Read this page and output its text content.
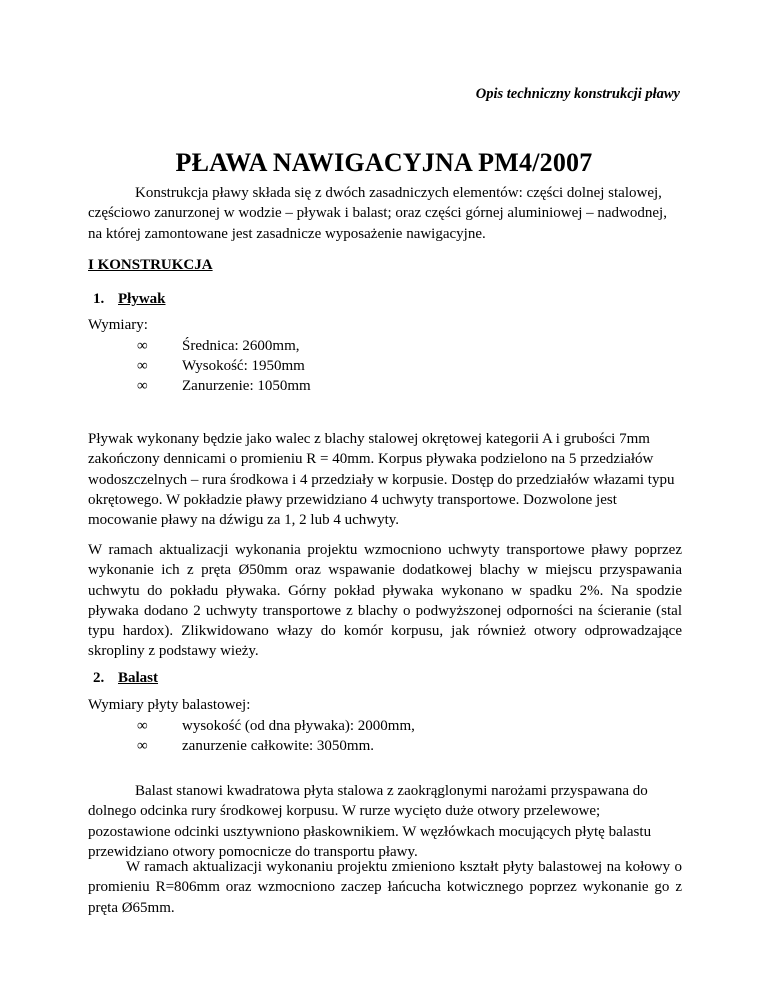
Opis techniczny konstrukcji pławy
PŁAWA NAWIGACYJNA PM4/2007
Konstrukcja pławy składa się z dwóch zasadniczych elementów: części dolnej stalowej, częściowo zanurzonej w wodzie – pływak i balast; oraz części górnej aluminiowej – nadwodnej, na której zamontowane jest zasadnicze wyposażenie nawigacyjne.
I KONSTRUKCJA
1. Pływak
Wymiary:
∞ Średnica: 2600mm,
∞ Wysokość: 1950mm
∞ Zanurzenie: 1050mm
Pływak wykonany będzie jako walec z blachy stalowej okrętowej kategorii A i grubości 7mm zakończony dennicami o promieniu R = 40mm. Korpus pływaka podzielono na 5 przedziałów wodoszczelnych – rura środkowa i 4 przedziały w korpusie. Dostęp do przedziałów włazami typu okrętowego. W pokładzie pławy przewidziano 4 uchwyty transportowe. Dozwolone jest mocowanie pławy na dźwigu za 1, 2 lub 4 uchwyty.
W ramach aktualizacji wykonania projektu wzmocniono uchwyty transportowe pławy poprzez wykonanie ich z pręta Ø50mm oraz wspawanie dodatkowej blachy w miejscu przyspawania uchwytu do pokładu pływaka. Górny pokład pływaka wykonano w spadku 2%. Na spodzie pływaka dodano 2 uchwyty transportowe z blachy o podwyższonej odporności na ścieranie (stal typu hardox). Zlikwidowano włazy do komór korpusu, jak również otwory odprowadzające skropliny z podstawy wieży.
2. Balast
Wymiary płyty balastowej:
∞ wysokość (od dna pływaka): 2000mm,
∞ zanurzenie całkowite: 3050mm.
Balast stanowi kwadratowa płyta stalowa z zaokrąglonymi narożami przyspawana do dolnego odcinka rury środkowej korpusu. W rurze wycięto duże otwory przelewowe; pozostawione odcinki usztywniono płaskownikiem. W węzłówkach mocujących płytę balastu przewidziano otwory pomocnicze do transportu pławy.
W ramach aktualizacji wykonaniu projektu zmieniono kształt płyty balastowej na kołowy o promieniu R=806mm oraz wzmocniono zaczep łańcucha kotwicznego poprzez wykonanie go z pręta Ø65mm.
